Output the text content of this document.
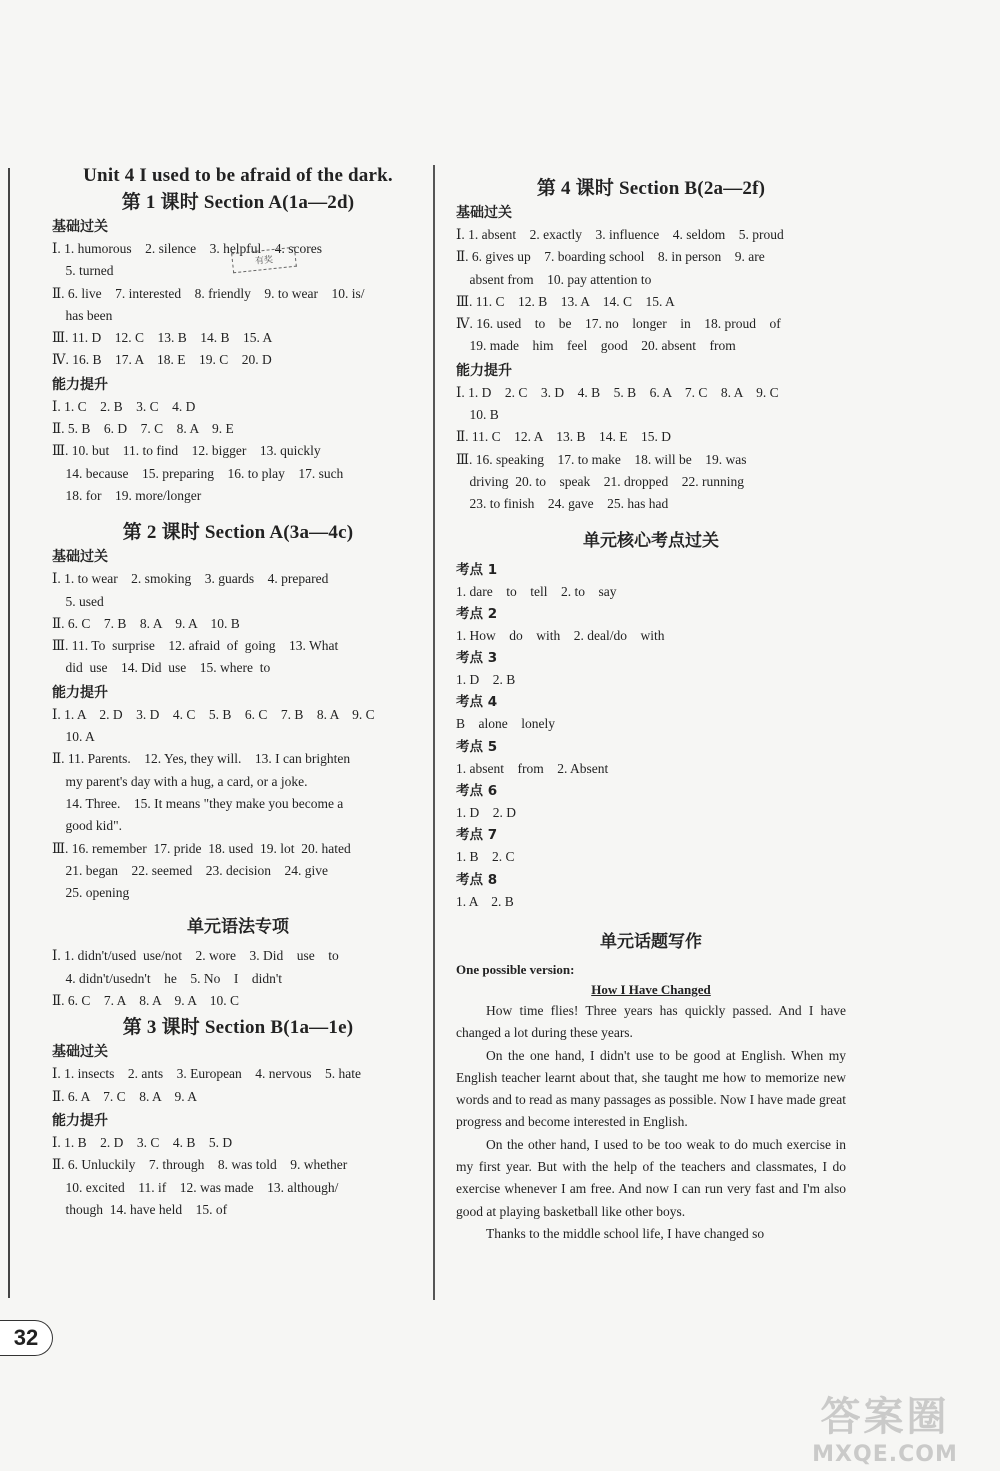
Unit 4 I used to be afraid of the dark.
第 1 课时 Section A(1a—2d)
基础过关
Ⅰ. 1. humorous    2. silence    3. helpful    4. scores
5. turned
Ⅱ. 6. live    7. interested    8. friendly    9. to wear    10. is/
has been
Ⅲ. 11. D    12. C    13. B    14. B    15. A
Ⅳ. 16. B    17. A    18. E    19. C    20. D
能力提升
Ⅰ. 1. C    2. B    3. C    4. D
Ⅱ. 5. B    6. D    7. C    8. A    9. E
Ⅲ. 10. but    11. to find    12. bigger    13. quickly
14. because    15. preparing    16. to play    17. such
18. for    19. more/longer
第 2 课时 Section A(3a—4c)
基础过关
Ⅰ. 1. to wear    2. smoking    3. guards    4. prepared
5. used
Ⅱ. 6. C    7. B    8. A    9. A    10. B
Ⅲ. 11. To  surprise    12. afraid  of  going    13. What
did  use    14. Did  use    15. where  to
能力提升
Ⅰ. 1. A    2. D    3. D    4. C    5. B    6. C    7. B    8. A    9. C
10. A
Ⅱ. 11. Parents.    12. Yes, they will.    13. I can brighten
my parent's day with a hug, a card, or a joke.
14. Three.    15. It means "they make you become a
good kid".
Ⅲ. 16. remember  17. pride  18. used  19. lot  20. hated
21. began    22. seemed    23. decision    24. give
25. opening
单元语法专项
Ⅰ. 1. didn't/used  use/not    2. wore    3. Did    use    to
4. didn't/usedn't    he    5. No    I    didn't
Ⅱ. 6. C    7. A    8. A    9. A    10. C
第 3 课时 Section B(1a—1e)
基础过关
Ⅰ. 1. insects    2. ants    3. European    4. nervous    5. hate
Ⅱ. 6. A    7. C    8. A    9. A
能力提升
Ⅰ. 1. B    2. D    3. C    4. B    5. D
Ⅱ. 6. Unluckily    7. through    8. was told    9. whether
10. excited    11. if    12. was made    13. although/
though  14. have held    15. of
有奖
第 4 课时 Section B(2a—2f)
基础过关
Ⅰ. 1. absent    2. exactly    3. influence    4. seldom    5. proud
Ⅱ. 6. gives up    7. boarding school    8. in person    9. are
absent from    10. pay attention to
Ⅲ. 11. C    12. B    13. A    14. C    15. A
Ⅳ. 16. used    to    be    17. no    longer    in    18. proud    of
19. made    him    feel    good    20. absent    from
能力提升
Ⅰ. 1. D    2. C    3. D    4. B    5. B    6. A    7. C    8. A    9. C
10. B
Ⅱ. 11. C    12. A    13. B    14. E    15. D
Ⅲ. 16. speaking    17. to make    18. will be    19. was
driving  20. to    speak    21. dropped    22. running
23. to finish    24. gave    25. has had
单元核心考点过关
考点 1
1. dare    to    tell    2. to    say
考点 2
1. How    do    with    2. deal/do    with
考点 3
1. D    2. B
考点 4
B    alone    lonely
考点 5
1. absent    from    2. Absent
考点 6
1. D    2. D
考点 7
1. B    2. C
考点 8
1. A    2. B
单元话题写作
One possible version:
How I Have Changed

How time flies! Three years has quickly passed. And I have changed a lot during these years.

On the one hand, I didn't use to be good at English. When my English teacher learnt about that, she taught me how to memorize new words and to read as many passages as possible. Now I have made great progress and become interested in English.

On the other hand, I used to be too weak to do much exercise in my first year. But with the help of the teachers and classmates, I do exercise whenever I am free. And now I can run very fast and I'm also good at playing basketball like other boys.

Thanks to the middle school life, I have changed so

32
答案圈
MXQE.COM
